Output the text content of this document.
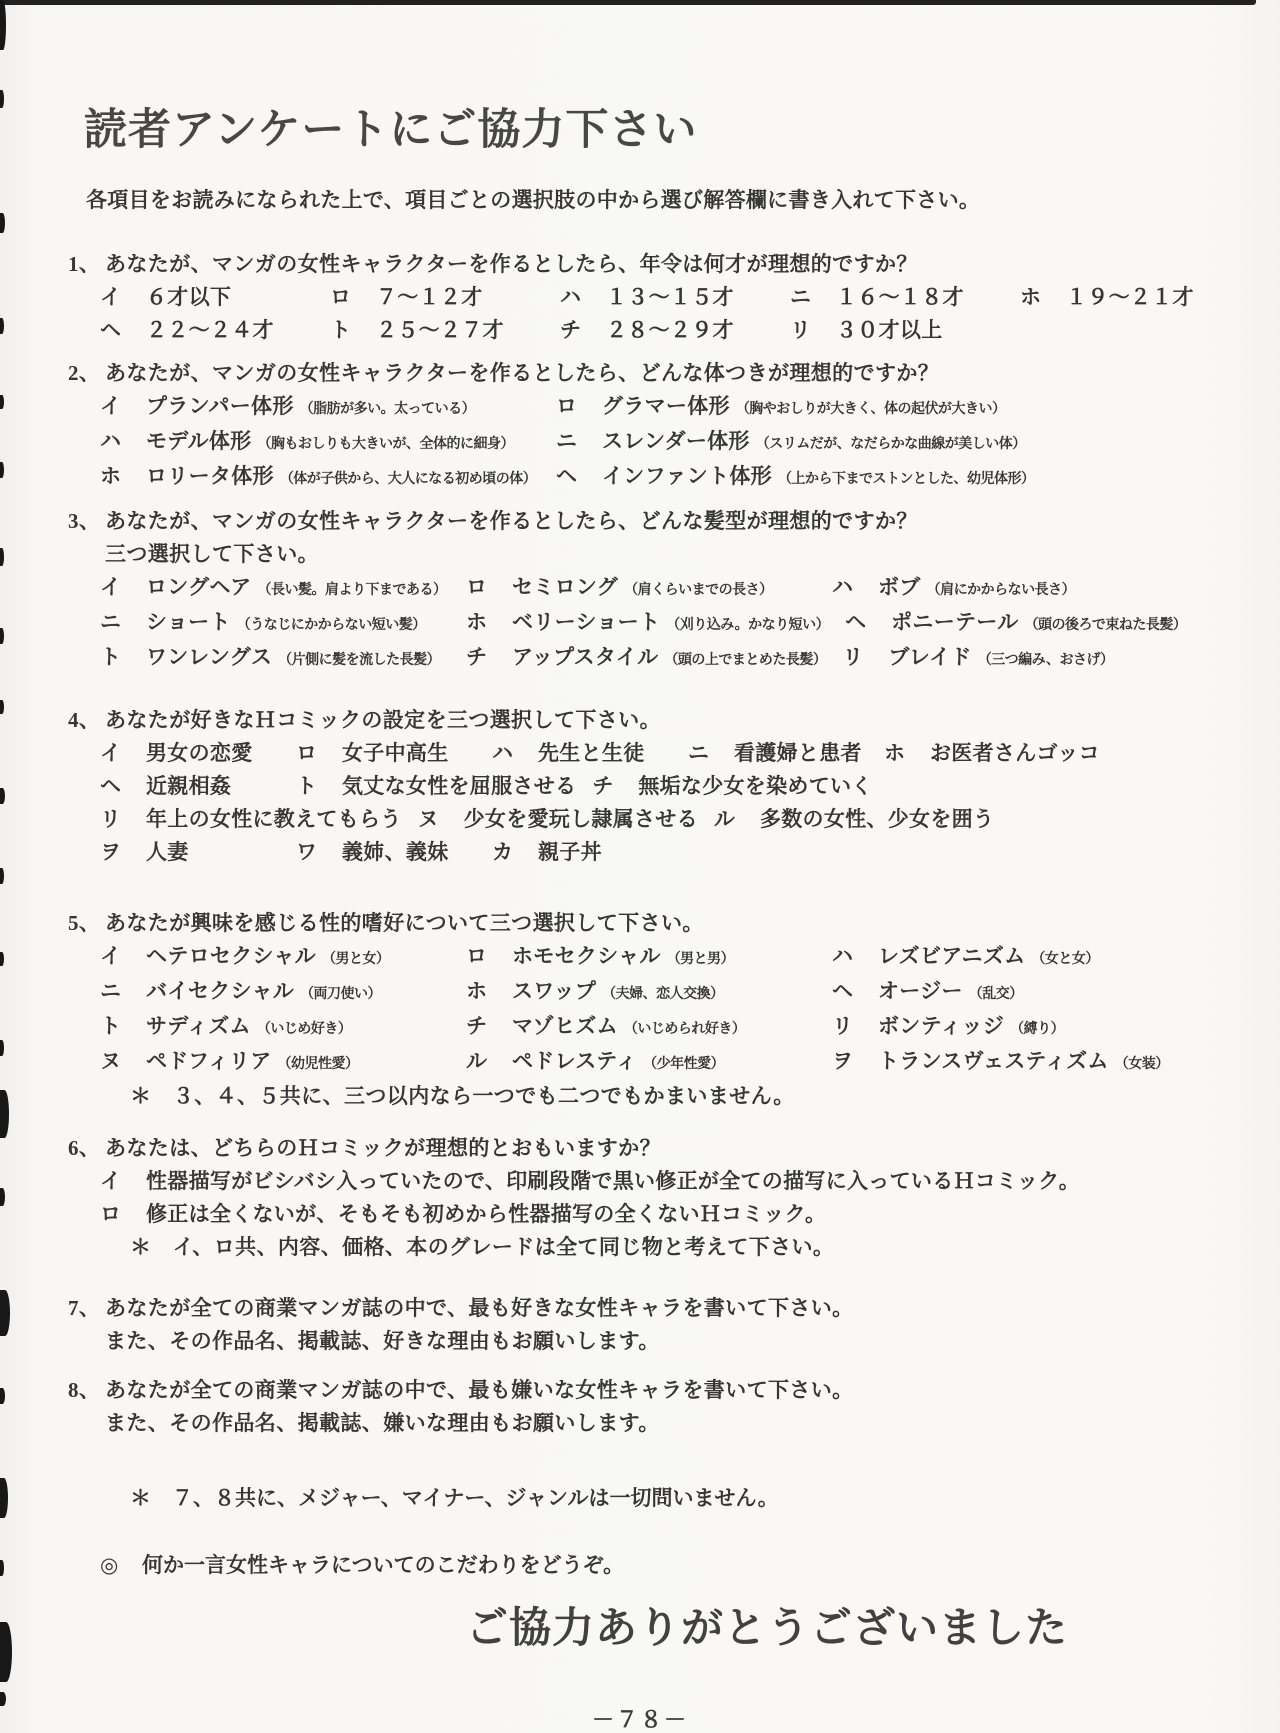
読者アンケートにご協力下さい

各項目をお読みになられた上で、項目ごとの選択肢の中から選び解答欄に書き入れて下さい。

1、 あなたが、マンガの女性キャラクターを作るとしたら、年令は何才が理想的ですか？
イ	６才以下	ロ	７～１２才	ハ	１３～１５才	ニ	１６～１８才	ホ	１９～２１才
ヘ	２２～２４才	ト	２５～２７才	チ	２８～２９才	リ	３０才以上
2、 あなたが、マンガの女性キャラクターを作るとしたら、どんな体つきが理想的ですか？
イ	プランパー体形 （脂肪が多い。太っている）	ロ	グラマー体形 （胸やおしりが大きく、体の起伏が大きい）
ハ	モデル体形 （胸もおしりも大きいが、全体的に細身） ニ	スレンダー体形 （スリムだが、なだらかな曲線が美しい体）
ホ	ロリータ体形 （体が子供から、大人になる初め頃の体） ヘ	インファント体形 （上から下までストンとした、幼児体形）
3、 あなたが、マンガの女性キャラクターを作るとしたら、どんな髪型が理想的ですか？
三つ選択して下さい。
イ	ロングヘア （長い髪。肩より下まである） ロ	セミロング （肩くらいまでの長さ）	ハ	ボブ （肩にかからない長さ）
ニ	ショート （うなじにかからない短い髪） ホ	ベリーショート （刈り込み。かなり短い） ヘ	ポニーテール （頭の後ろで束ねた長髪）
ト	ワンレングス （片側に髪を流した長髪） チ	アップスタイル （頭の上でまとめた長髪） リ	ブレイド （三つ編み、おさげ）
4、 あなたが好きなＨコミックの設定を三つ選択して下さい。
イ	男女の恋愛 ロ	女子中高生 ハ	先生と生徒 ニ	看護婦と患者 ホ	お医者さんゴッコ
ヘ	近親相姦	ト	気丈な女性を屈服させる チ	無垢な少女を染めていく
リ	年上の女性に教えてもらう ヌ	少女を愛玩し隷属させる ル	多数の女性、少女を囲う
ヲ	人妻	ワ	義姉、義妹 カ	親子丼
5、 あなたが興味を感じる性的嗜好について三つ選択して下さい。
イ	ヘテロセクシャル （男と女）	ロ	ホモセクシャル （男と男）	ハ	レズビアニズム （女と女）
ニ	バイセクシャル （両刀使い）	ホ	スワップ （夫婦、恋人交換）	ヘ	オージー （乱交）
ト	サディズム （いじめ好き）	チ	マゾヒズム （いじめられ好き）	リ	ボンティッジ （縛り）
ヌ	ペドフィリア （幼児性愛）	ル	ペドレスティ （少年性愛）	ヲ	トランスヴェスティズム （女装）
＊　３、４、５共に、三つ以内なら一つでも二つでもかまいません。
6、 あなたは、どちらのＨコミックが理想的とおもいますか？
イ	性器描写がビシバシ入っていたので、印刷段階で黒い修正が全ての描写に入っているＨコミック。
ロ	修正は全くないが、そもそも初めから性器描写の全くないＨコミック。
＊　イ、ロ共、内容、価格、本のグレードは全て同じ物と考えて下さい。
7、 あなたが全ての商業マンガ誌の中で、最も好きな女性キャラを書いて下さい。
また、その作品名、掲載誌、好きな理由もお願いします。
8、 あなたが全ての商業マンガ誌の中で、最も嫌いな女性キャラを書いて下さい。
また、その作品名、掲載誌、嫌いな理由もお願いします。
＊ ７、８共に、メジャー、マイナー、ジャンルは一切問いません。
◎ 何か一言女性キャラについてのこだわりをどうぞ。
ご協力ありがとうございました
－７８－
